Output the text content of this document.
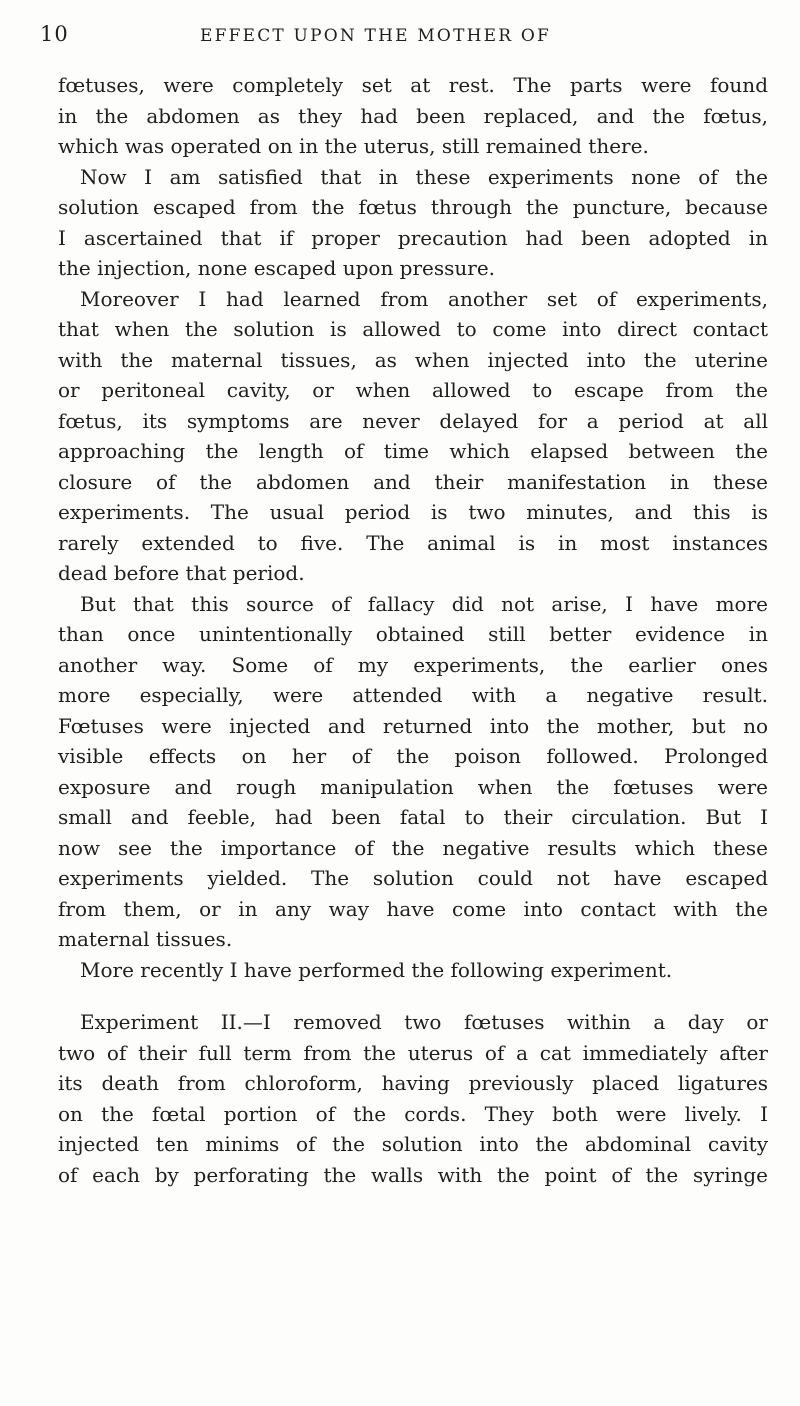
10	EFFECT UPON THE MOTHER OF
fœtuses, were completely set at rest. The parts were found
in the abdomen as they had been replaced, and the fœtus,
which was operated on in the uterus, still remained there.
Now I am satisfied that in these experiments none of the
solution escaped from the fœtus through the puncture, because
I ascertained that if proper precaution had been adopted in
the injection, none escaped upon pressure.
Moreover I had learned from another set of experiments,
that when the solution is allowed to come into direct contact
with the maternal tissues, as when injected into the uterine
or peritoneal cavity, or when allowed to escape from the
fœtus, its symptoms are never delayed for a period at all
approaching the length of time which elapsed between the
closure of the abdomen and their manifestation in these
experiments. The usual period is two minutes, and this is
rarely extended to five. The animal is in most instances
dead before that period.
But that this source of fallacy did not arise, I have more
than once unintentionally obtained still better evidence in
another way. Some of my experiments, the earlier ones
more especially, were attended with a negative result.
Fœtuses were injected and returned into the mother, but no
visible effects on her of the poison followed. Prolonged
exposure and rough manipulation when the fœtuses were
small and feeble, had been fatal to their circulation. But I
now see the importance of the negative results which these
experiments yielded. The solution could not have escaped
from them, or in any way have come into contact with the
maternal tissues.
More recently I have performed the following experiment.
Experiment II.—I removed two fœtuses within a day or
two of their full term from the uterus of a cat immediately after
its death from chloroform, having previously placed ligatures
on the fœtal portion of the cords. They both were lively. I
injected ten minims of the solution into the abdominal cavity
of each by perforating the walls with the point of the syringe
